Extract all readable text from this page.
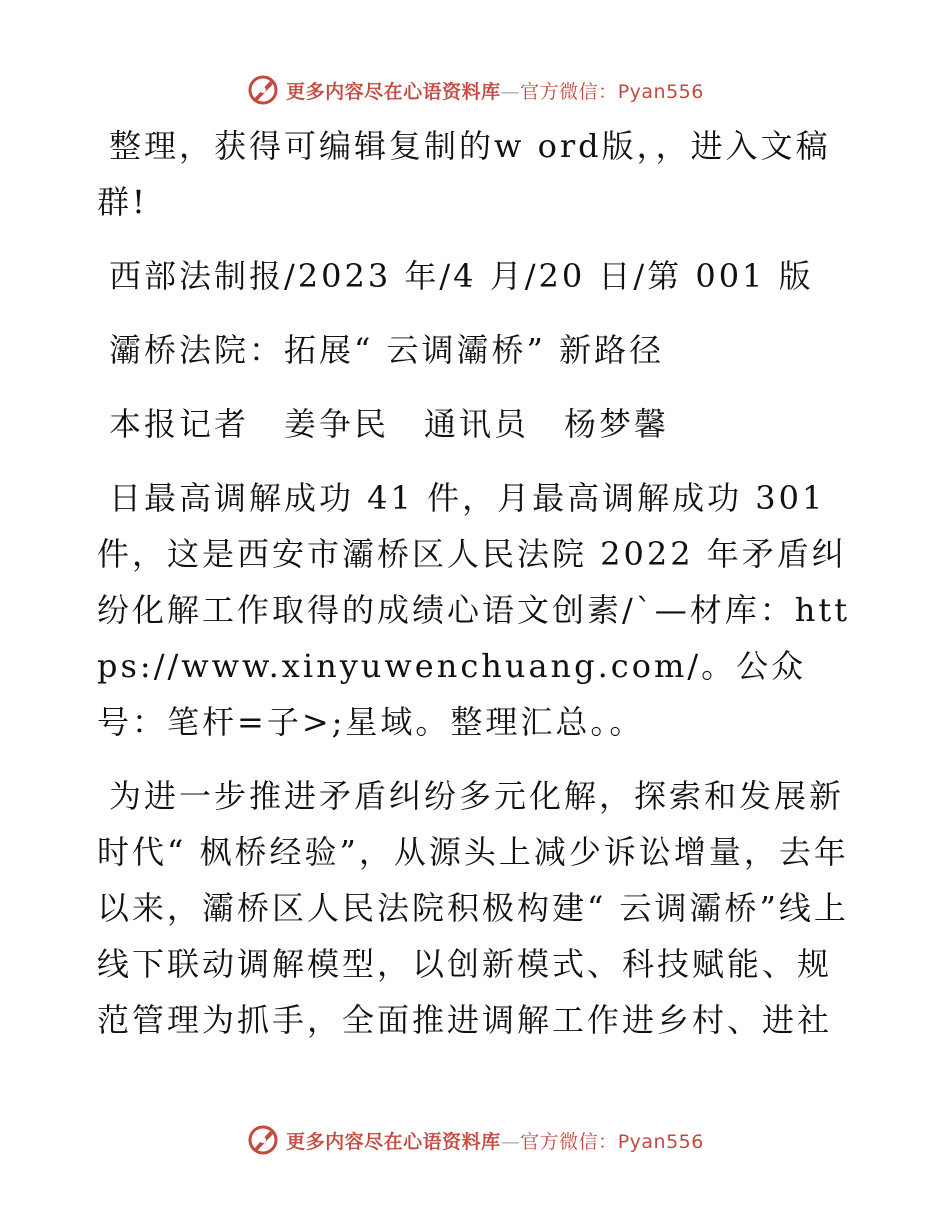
更多内容尽在心语资料库—官方微信：Pyan556

整理，获得可编辑复制的w ord版，，进入文稿群!

西部法制报/2023 年/4 月/20 日/第 001 版

灞桥法院：拓展“ 云调灞桥” 新路径

本报记者　姜争民　通讯员　杨梦馨

日最高调解成功 41 件，月最高调解成功 301件，这是西安市灞桥区人民法院 2022 年矛盾纠纷化解工作取得的成绩心语文创素/`—材库：https://www.xinyuwenchuang.com/。公众号：笔杆=子>;星域。整理汇总。。

为进一步推进矛盾纠纷多元化解，探索和发展新时代“ 枫桥经验”，从源头上减少诉讼增量，去年以来，灞桥区人民法院积极构建“ 云调灞桥”线上线下联动调解模型，以创新模式、科技赋能、规范管理为抓手，全面推进调解工作进乡村、进社

更多内容尽在心语资料库—官方微信：Pyan556
